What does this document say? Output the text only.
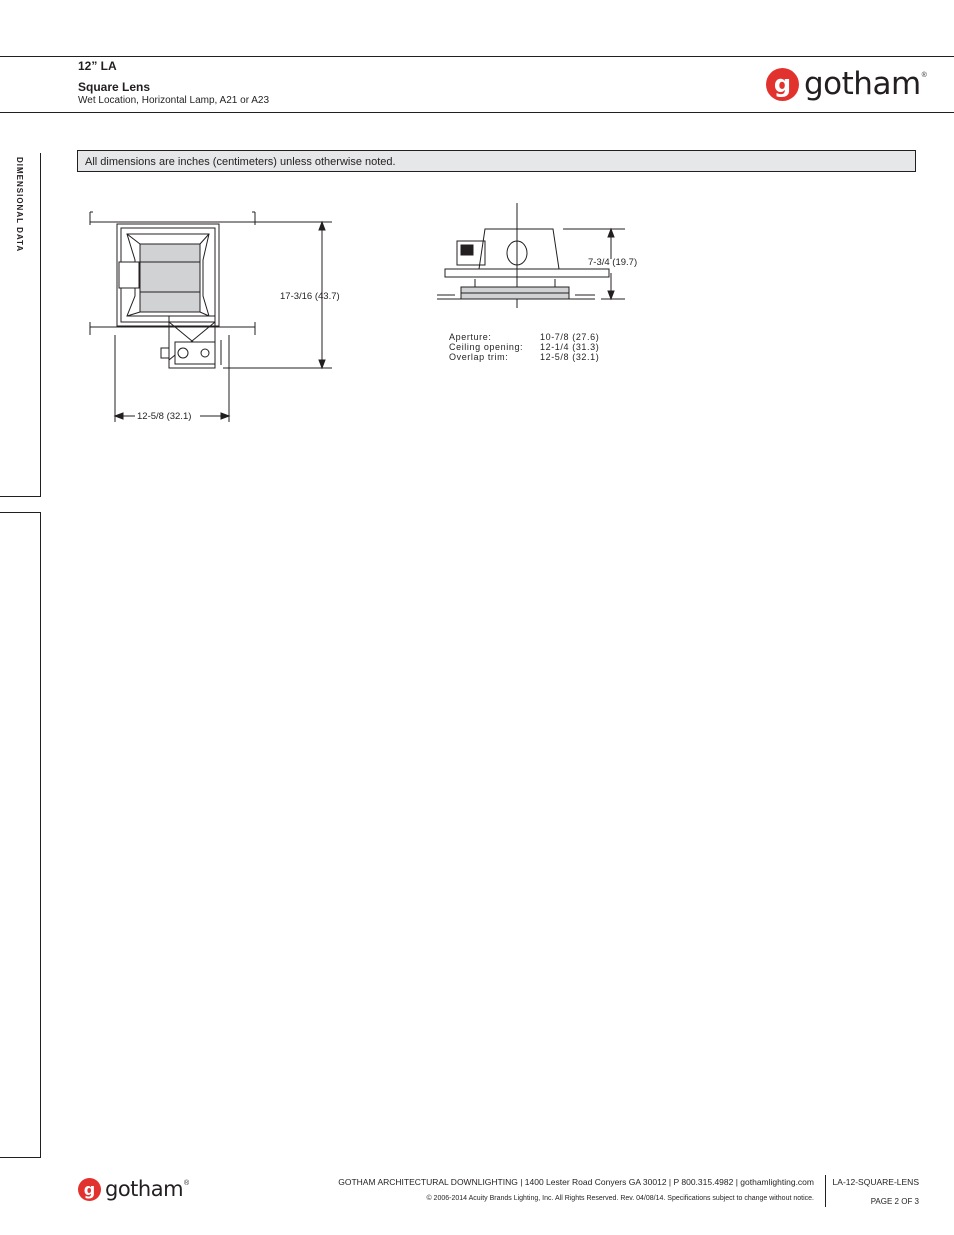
12” LA
Square Lens
Wet Location, Horizontal Lamp, A21 or A23
g gotham ®
DIMENSIONAL DATA	All dimensions are inches (centimeters) unless otherwise noted.
17-3/16 (43.7)
12-5/8 (32.1)
7-3/4 (19.7)
Aperture:	10-7/8 (27.6)
Ceiling opening:	12-1/4 (31.3)
Overlap trim:	12-5/8 (32.1)
g gotham ®	GOTHAM ARCHITECTURAL DOWNLIGHTING | 1400 Lester Road Conyers GA 30012 | P 800.315.4982 | gothamlighting.com
© 2006-2014 Acuity Brands Lighting, Inc. All Rights Reserved. Rev. 04/08/14. Specifications subject to change without notice.
LA-12-SQUARE-LENS
PAGE 2 OF 3
